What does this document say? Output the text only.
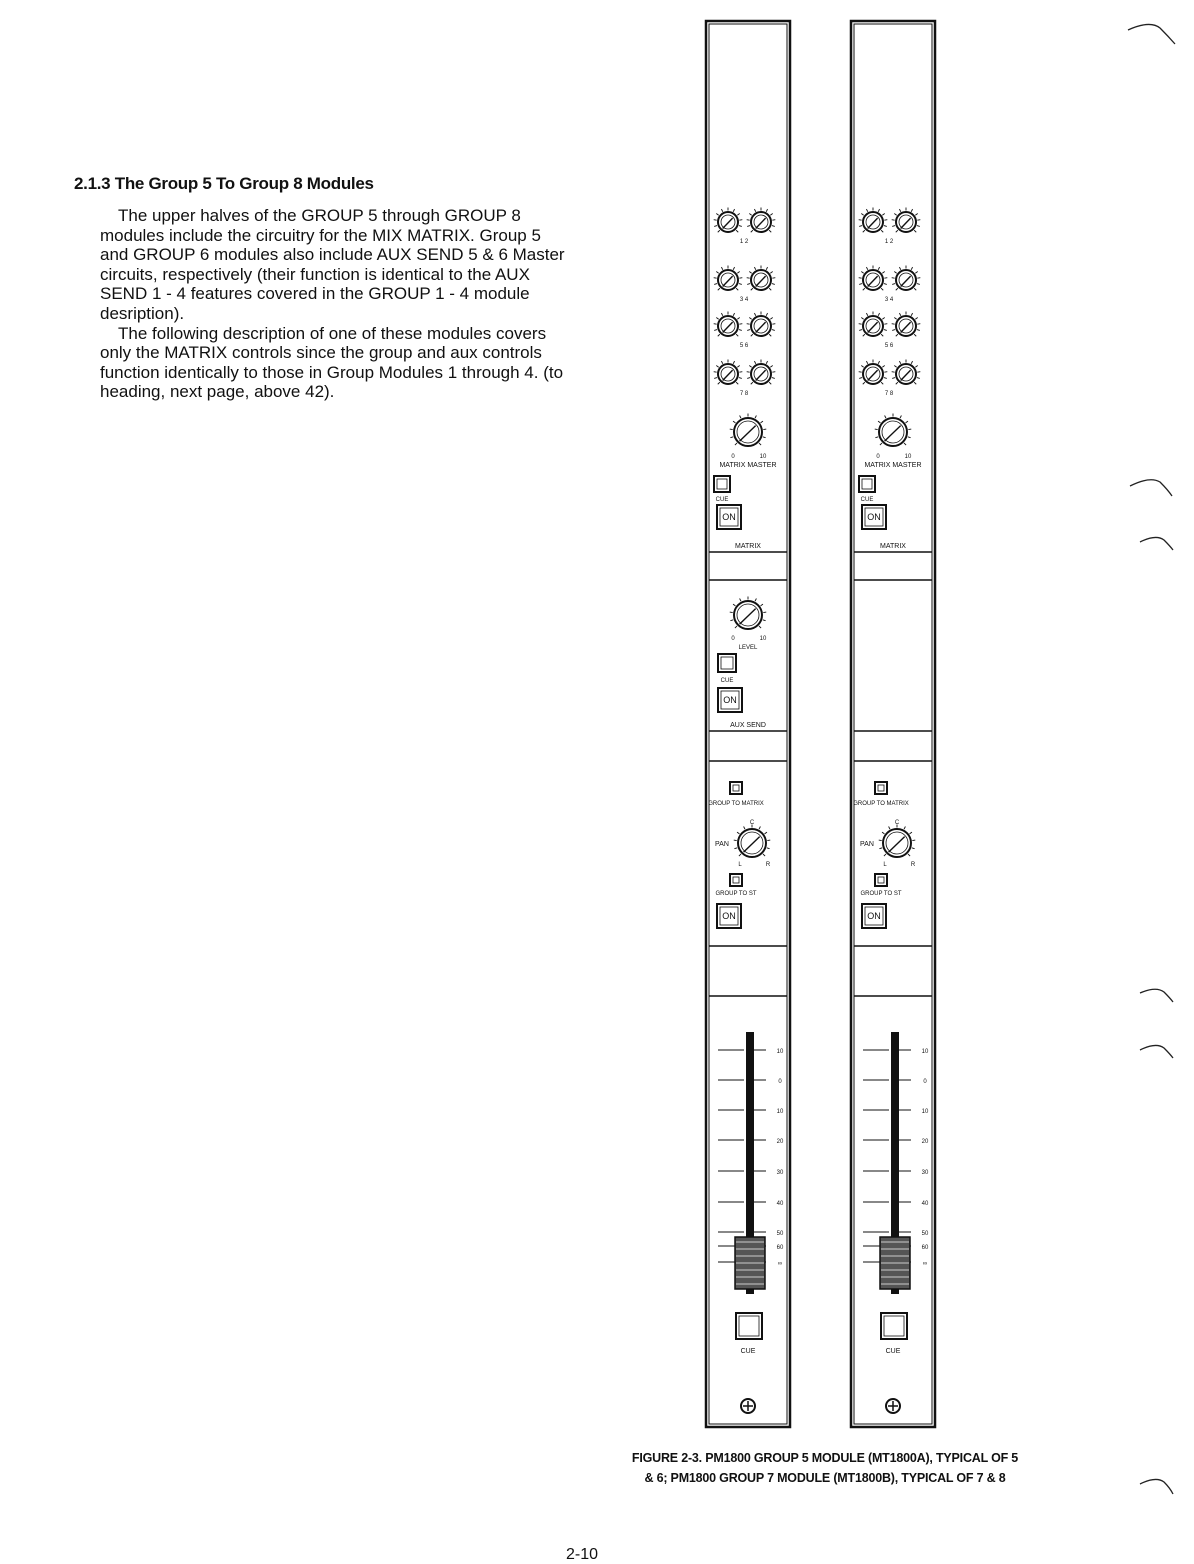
2.1.3 The Group 5 To Group 8 Modules

The upper halves of the GROUP 5 through GROUP 8 modules include the circuitry for the MIX MATRIX. Group 5 and GROUP 6 modules also include AUX SEND 5 & 6 Master circuits, respectively (their function is identical to the AUX SEND 1 - 4 features covered in the GROUP 1 - 4 module desription).

The following description of one of these modules covers only the MATRIX controls since the group and aux controls function identically to those in Group Modules 1 through 4. (to heading, next page, above 42).

1 2
3 4
5 6
7 8
0	10
MATRIX MASTER
CUE
ON
MATRIX
0	10
LEVEL
CUE
ON
AUX SEND
GROUP TO MATRIX
C
PAN
L	R
GROUP TO ST
ON
10
0
10
20
30
40
50
60
∞
CUE
1 2
3 4
5 6
7 8
0	10
MATRIX MASTER
CUE
ON
MATRIX
GROUP TO MATRIX
C
PAN
L	R
GROUP TO ST
ON
10
0
10
20
30
40
50
60
∞
CUE
FIGURE 2-3. PM1800 GROUP 5 MODULE (MT1800A), TYPICAL OF 5
& 6; PM1800 GROUP 7 MODULE (MT1800B), TYPICAL OF 7 & 8
2-10
